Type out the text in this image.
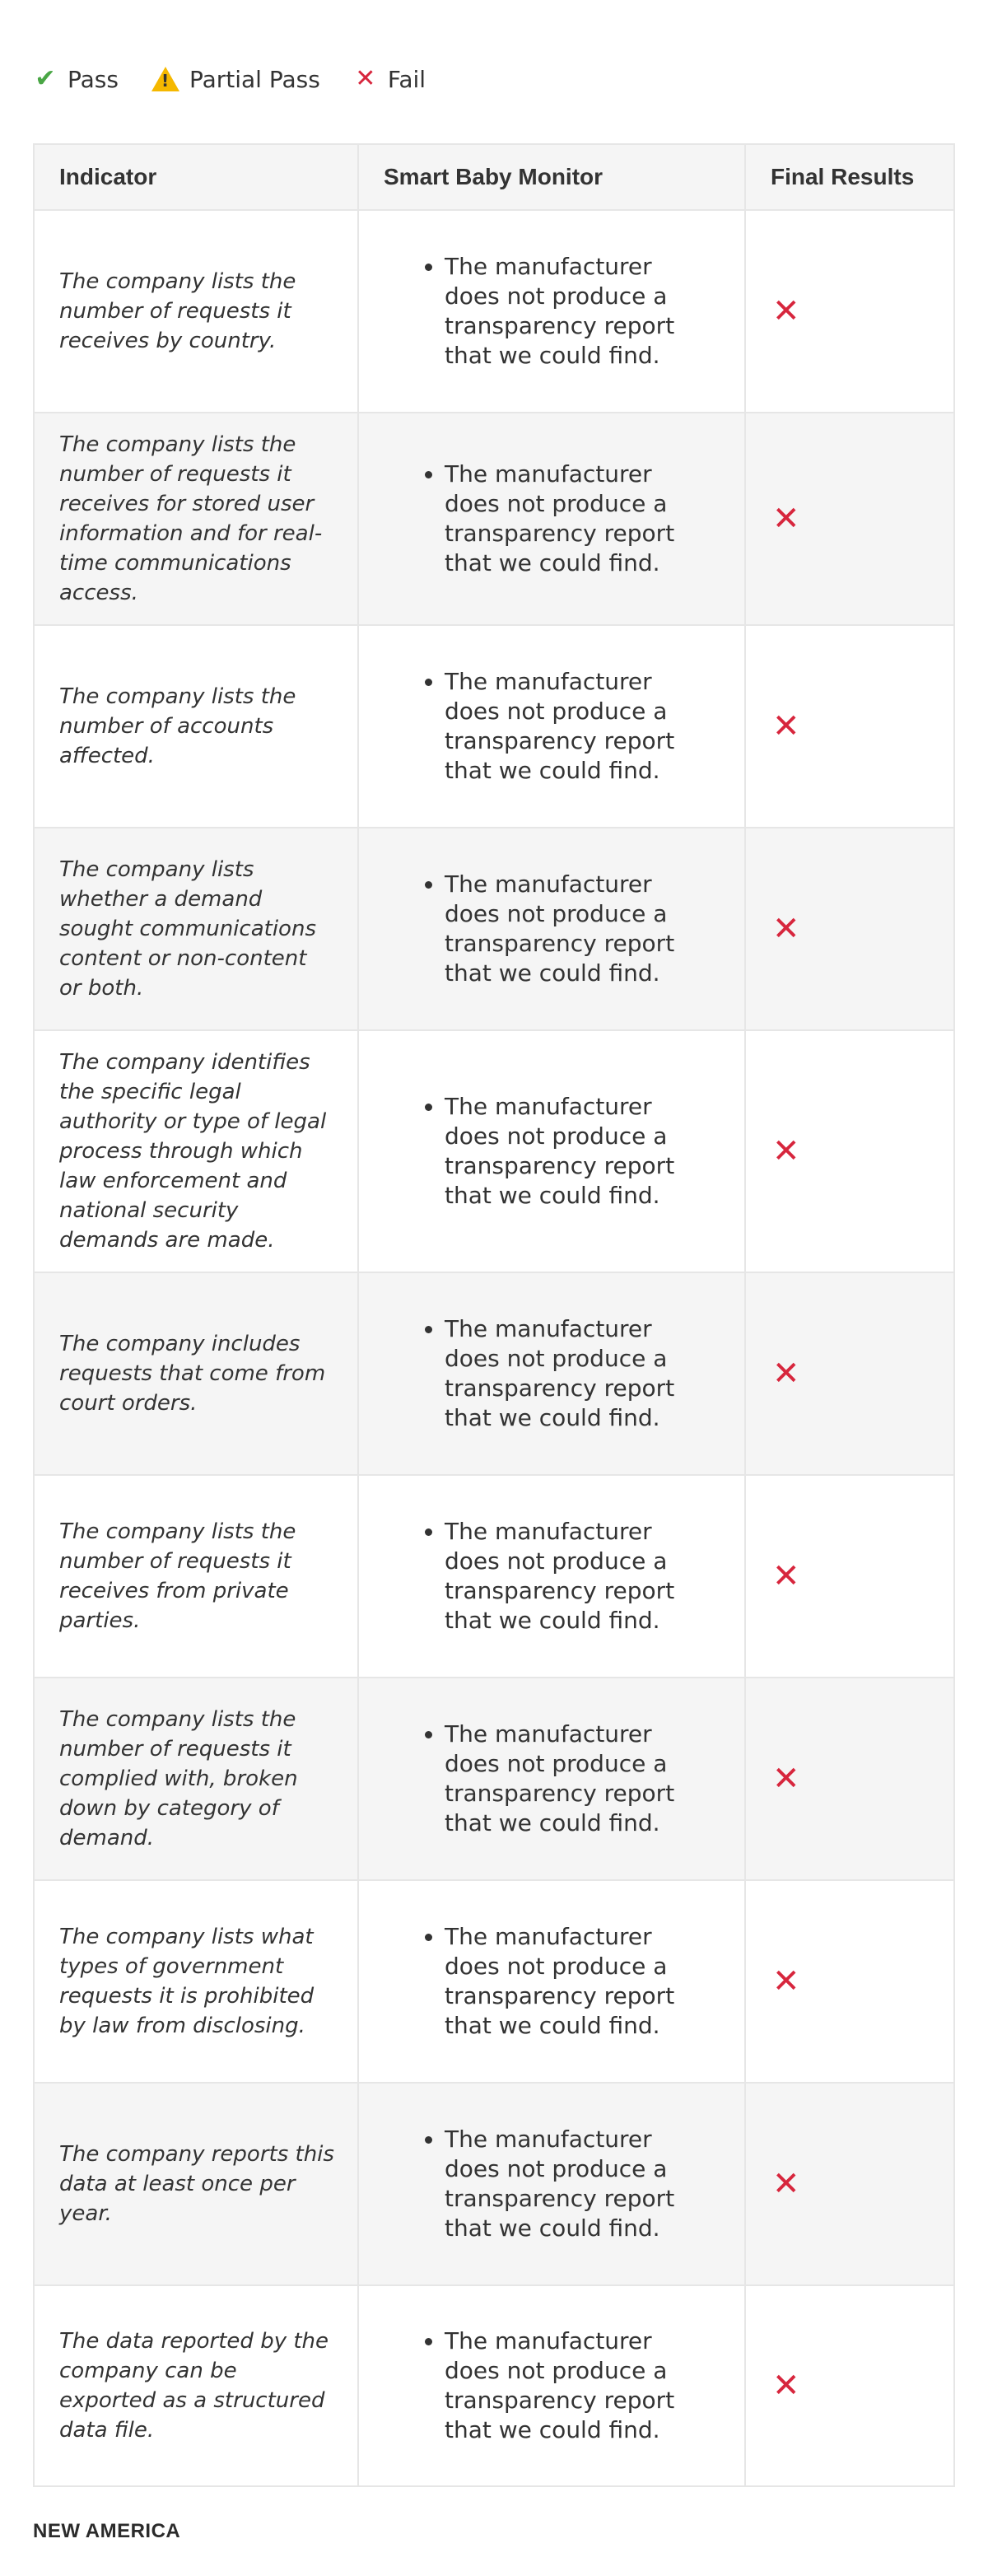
✔ Pass
!	Partial Pass ✕ Fail
Indicator	Smart Baby Monitor	Final Results
The company lists the number of requests it receives by country.
• The manufacturer does not produce a transparency report that we could find.
✕
The company lists the number of requests it receives for stored user information and for real-time communications access.
• The manufacturer does not produce a transparency report that we could find.
✕
The company lists the number of accounts affected.
• The manufacturer does not produce a transparency report that we could find.
✕
The company lists whether a demand sought communications content or non-content or both.
• The manufacturer does not produce a transparency report that we could find.
✕
The company identifies the specific legal authority or type of legal process through which law enforcement and national security demands are made.
• The manufacturer does not produce a transparency report that we could find.
✕
The company includes requests that come from court orders.
• The manufacturer does not produce a transparency report that we could find.
✕
The company lists the number of requests it receives from private parties.
• The manufacturer does not produce a transparency report that we could find.
✕
The company lists the number of requests it complied with, broken down by category of demand.
• The manufacturer does not produce a transparency report that we could find.
✕
The company lists what types of government requests it is prohibited by law from disclosing.
• The manufacturer does not produce a transparency report that we could find.
✕
The company reports this data at least once per year.
• The manufacturer does not produce a transparency report that we could find.
✕
The data reported by the company can be exported as a structured data file.
• The manufacturer does not produce a transparency report that we could find.
✕
NEW AMERICA
